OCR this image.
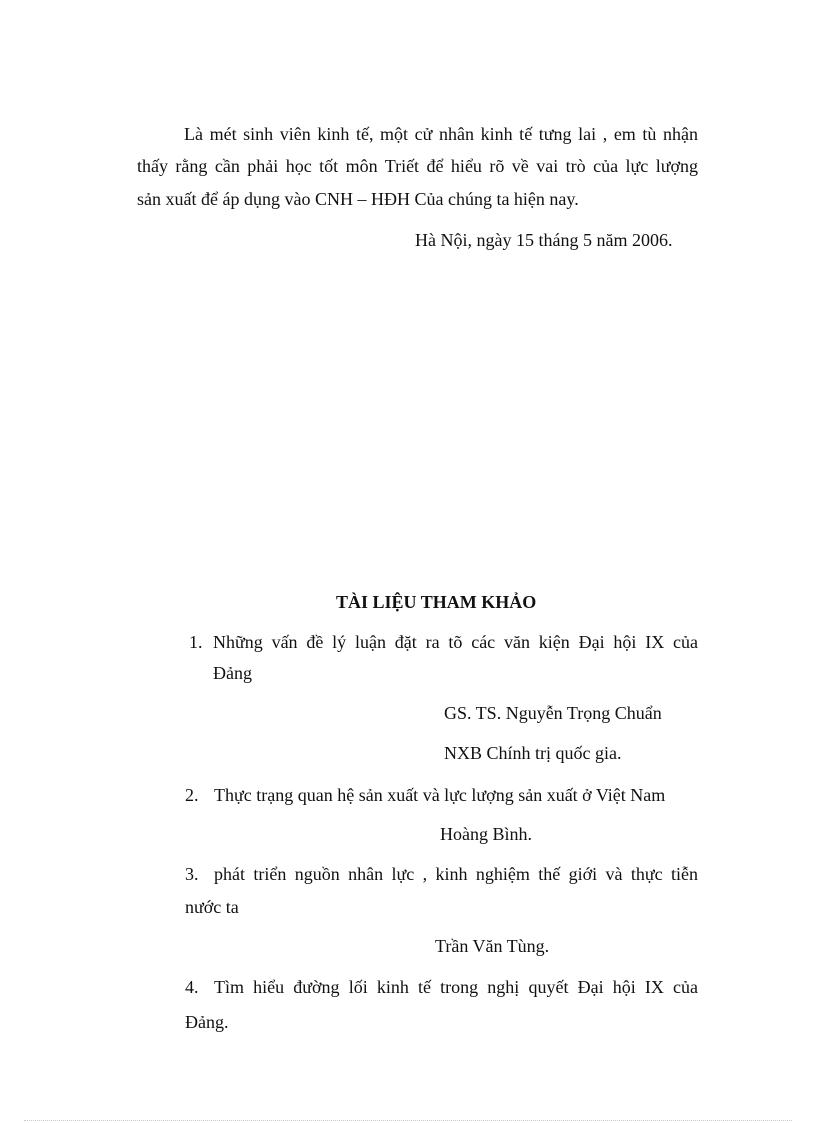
Là mét sinh viên kinh tế, một cử nhân kinh tế tưng lai , em tù nhận
thấy rằng cần phải học tốt môn Triết để hiểu rõ về vai trò của lực lượng
sản xuất để áp dụng vào CNH – HĐH Của chúng ta hiện nay.
Hà Nội, ngày 15 tháng 5 năm 2006.
TÀI LIỆU THAM KHẢO
1. Những vấn đề lý luận đặt ra tõ các văn kiện Đại hội IX của
Đảng
GS. TS. Nguyễn Trọng Chuẩn
NXB Chính trị quốc gia.
2. Thực trạng quan hệ sản xuất và lực lượng sản xuất ở Việt Nam
Hoàng Bình.
3. phát triển nguồn nhân lực , kinh nghiệm thế giới và thực tiễn
nước ta
Trần Văn Tùng.
4. Tìm hiểu đường lối kinh tế trong nghị quyết Đại hội IX của
Đảng.
